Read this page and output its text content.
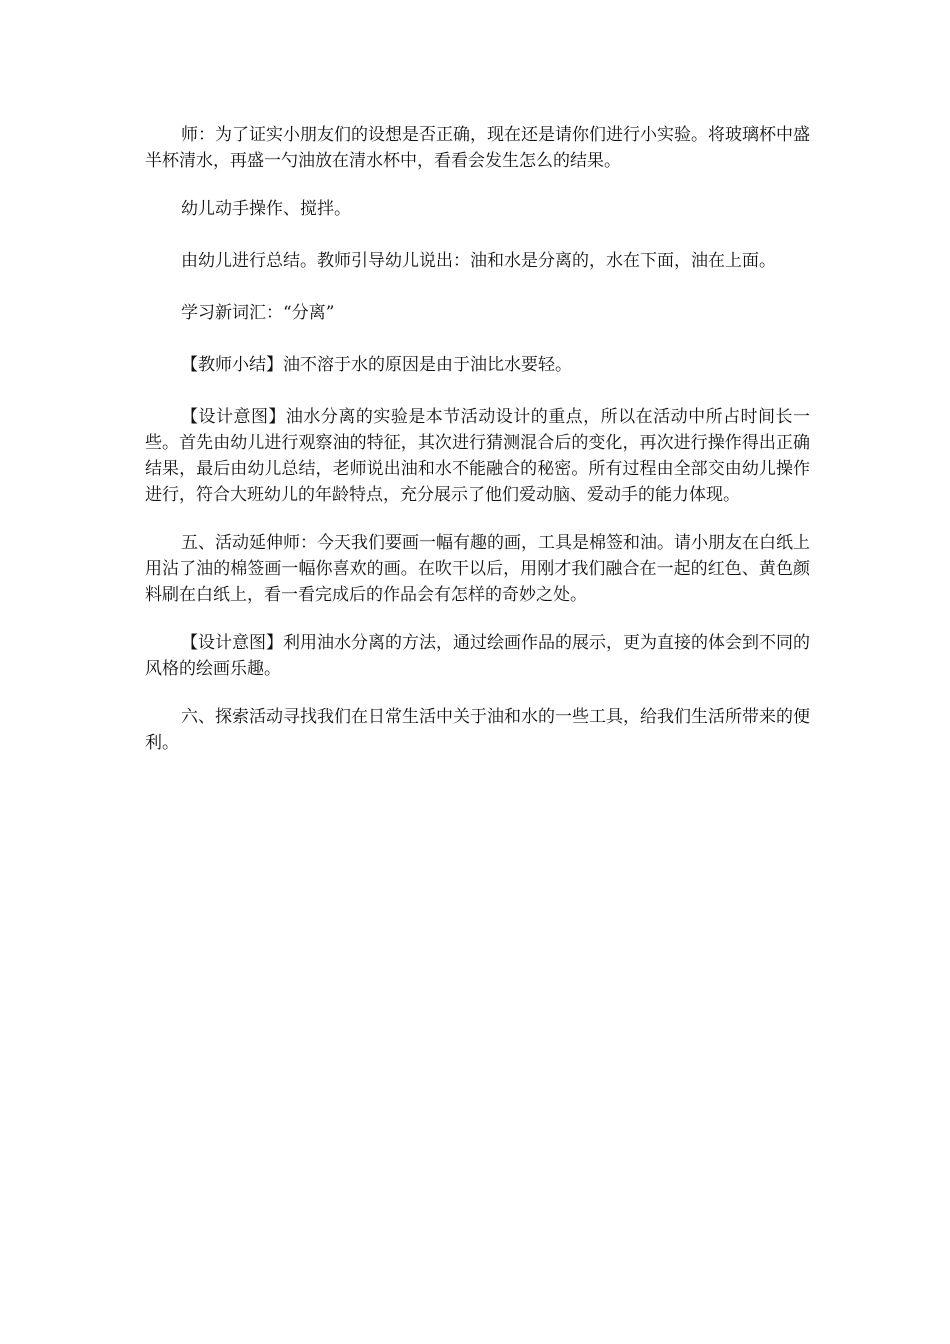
师：为了证实小朋友们的设想是否正确，现在还是请你们进行小实验。将玻璃杯中盛半杯清水，再盛一勺油放在清水杯中，看看会发生怎么的结果。

幼儿动手操作、搅拌。

由幼儿进行总结。教师引导幼儿说出：油和水是分离的，水在下面，油在上面。

学习新词汇：“分离”

【教师小结】油不溶于水的原因是由于油比水要轻。

【设计意图】油水分离的实验是本节活动设计的重点，所以在活动中所占时间长一些。首先由幼儿进行观察油的特征，其次进行猜测混合后的变化，再次进行操作得出正确结果，最后由幼儿总结，老师说出油和水不能融合的秘密。所有过程由全部交由幼儿操作进行，符合大班幼儿的年龄特点，充分展示了他们爱动脑、爱动手的能力体现。

五、活动延伸师：今天我们要画一幅有趣的画，工具是棉签和油。请小朋友在白纸上用沾了油的棉签画一幅你喜欢的画。在吹干以后，用刚才我们融合在一起的红色、黄色颜料刷在白纸上，看一看完成后的作品会有怎样的奇妙之处。

【设计意图】利用油水分离的方法，通过绘画作品的展示，更为直接的体会到不同的风格的绘画乐趣。

六、探索活动寻找我们在日常生活中关于油和水的一些工具，给我们生活所带来的便利。
